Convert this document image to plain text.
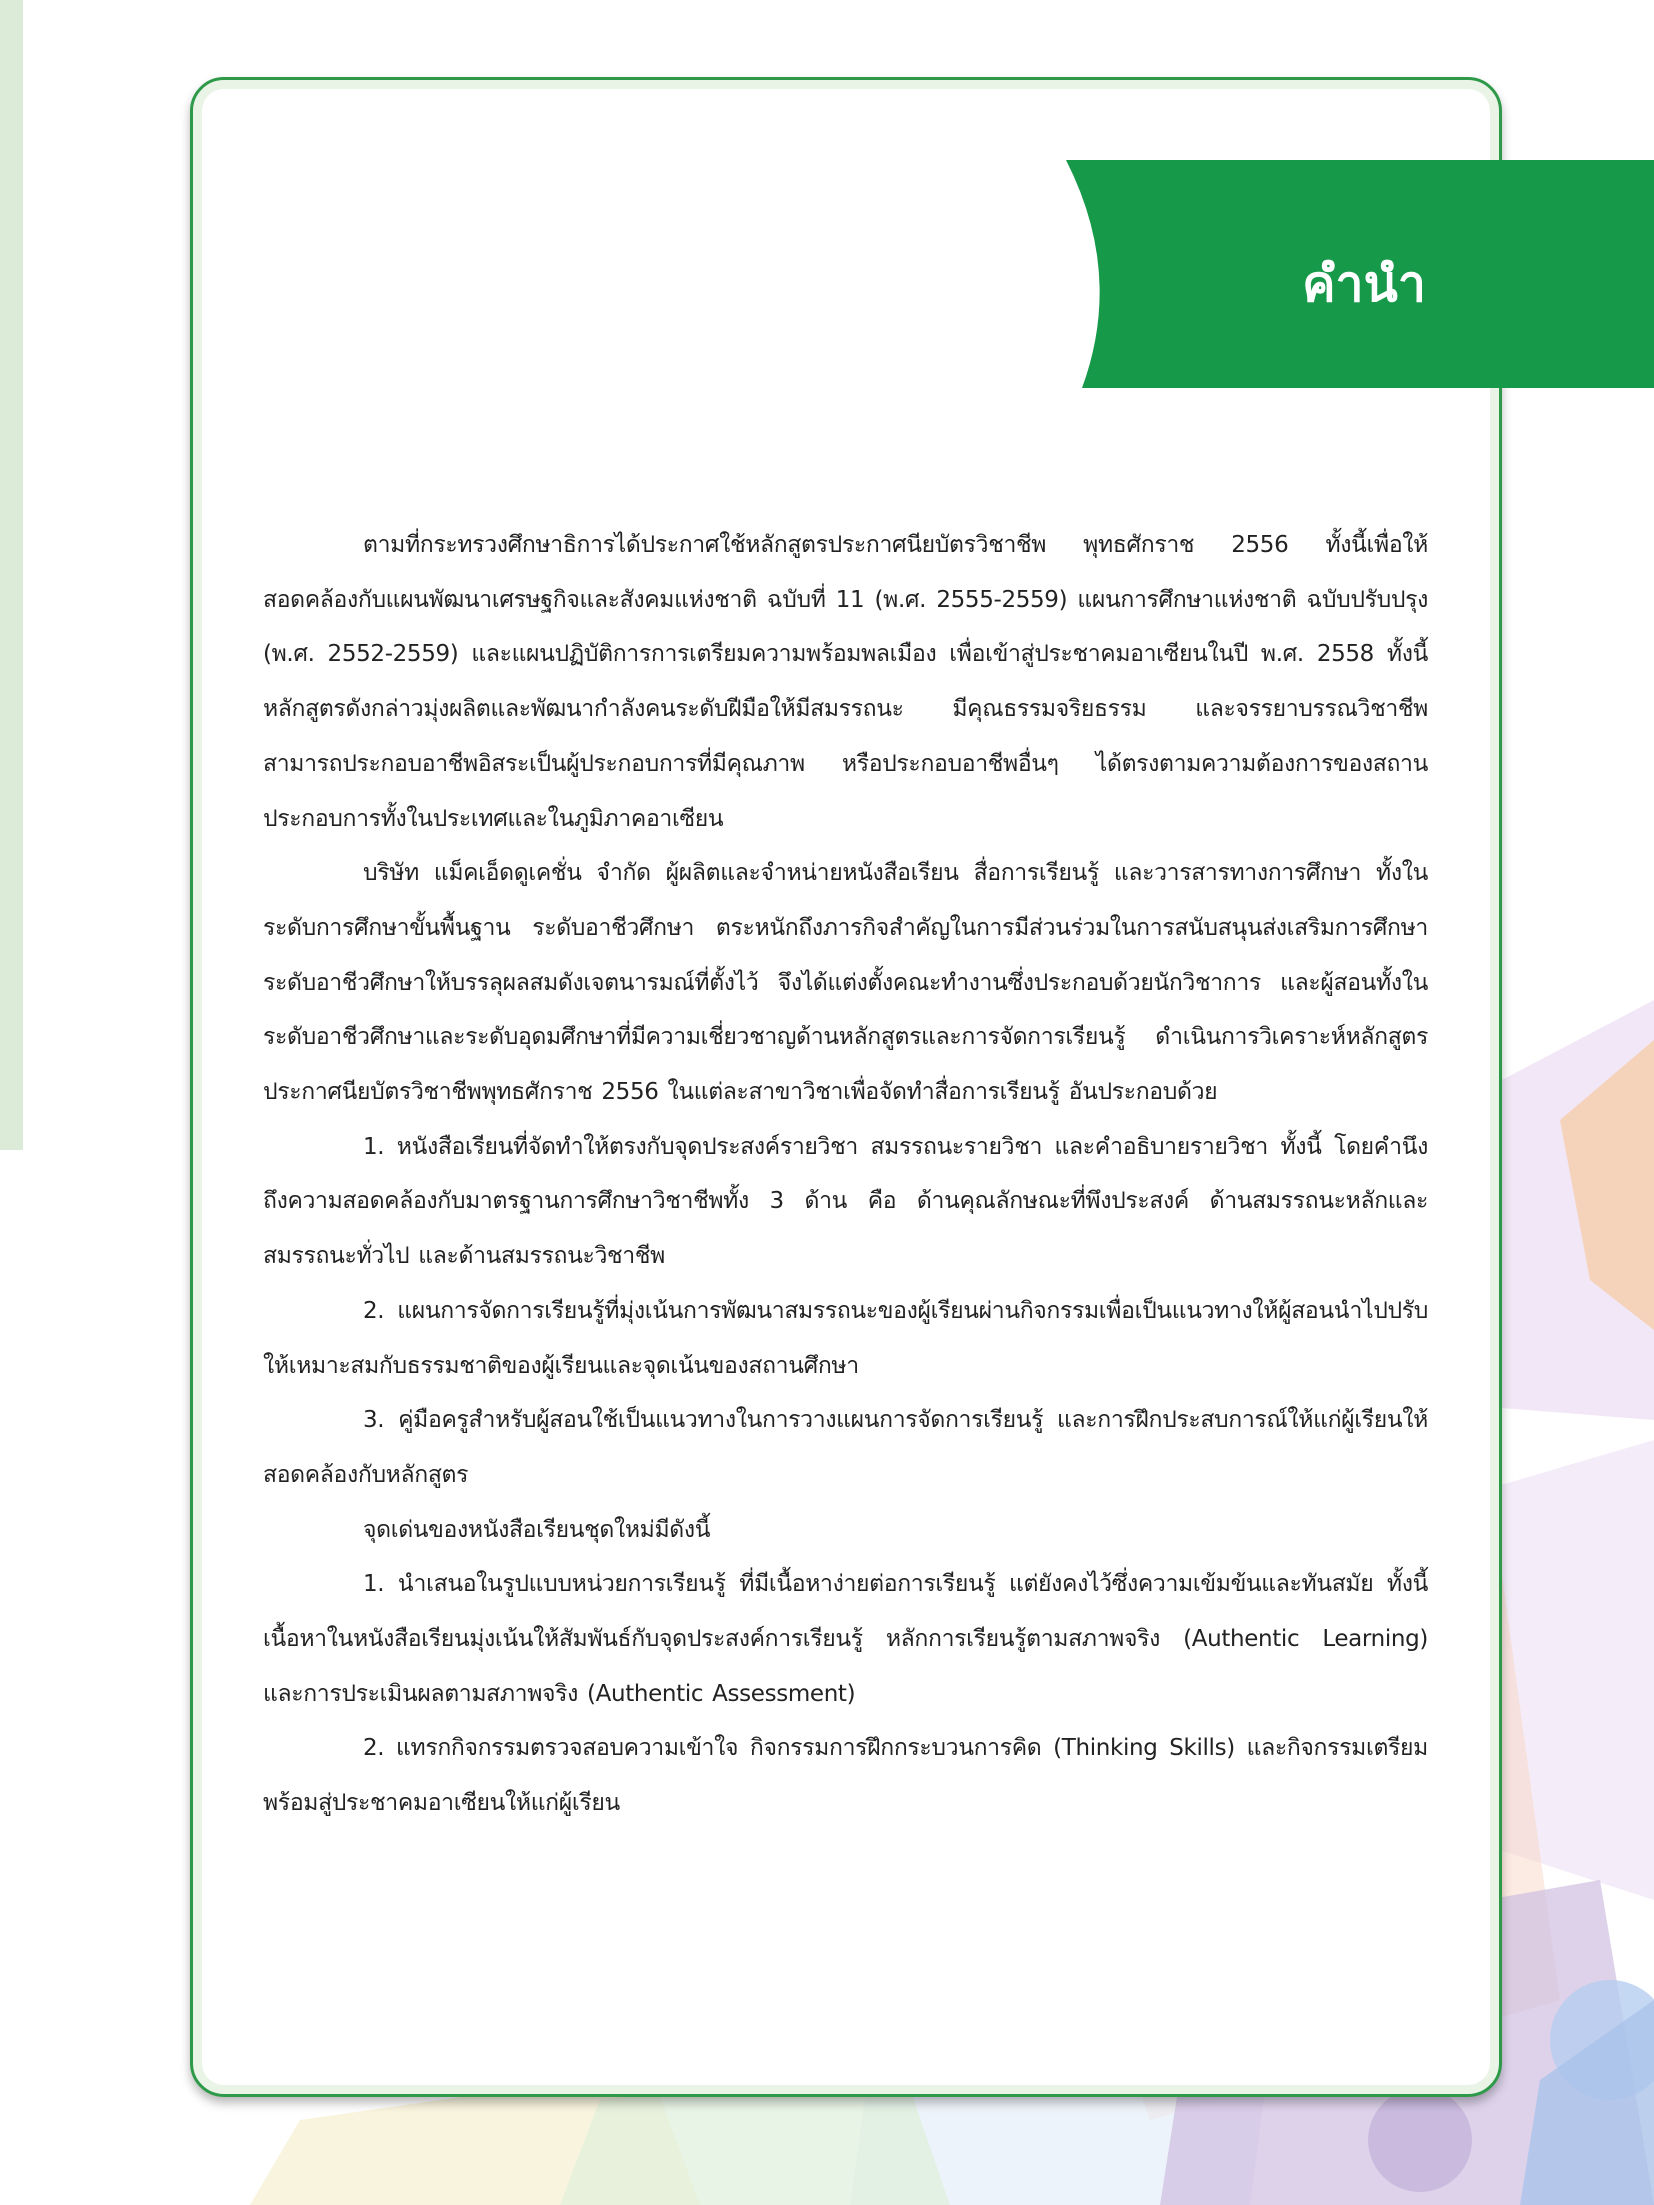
คำนำ

ตามที่กระทรวงศึกษาธิการได้ประกาศใช้หลักสูตรประกาศนียบัตรวิชาชีพ พุทธศักราช 2556 ทั้งนี้เพื่อให้สอดคล้องกับแผนพัฒนาเศรษฐกิจและสังคมแห่งชาติ ฉบับที่ 11 (พ.ศ. 2555-2559) แผนการศึกษาแห่งชาติ ฉบับปรับปรุง (พ.ศ. 2552-2559) และแผนปฏิบัติการการเตรียมความพร้อมพลเมือง เพื่อเข้าสู่ประชาคมอาเซียนในปี พ.ศ. 2558 ทั้งนี้หลักสูตรดังกล่าวมุ่งผลิตและพัฒนากำลังคนระดับฝีมือให้มีสมรรถนะ มีคุณธรรมจริยธรรม และจรรยาบรรณวิชาชีพ สามารถประกอบอาชีพอิสระเป็นผู้ประกอบการที่มีคุณภาพ หรือประกอบอาชีพอื่นๆ ได้ตรงตามความต้องการของสถานประกอบการทั้งในประเทศและในภูมิภาคอาเซียน

บริษัท แม็คเอ็ดดูเคชั่น จำกัด ผู้ผลิตและจำหน่ายหนังสือเรียน สื่อการเรียนรู้ และวารสารทางการศึกษา ทั้งในระดับการศึกษาขั้นพื้นฐาน ระดับอาชีวศึกษา ตระหนักถึงภารกิจสำคัญในการมีส่วนร่วมในการสนับสนุนส่งเสริมการศึกษาระดับอาชีวศึกษาให้บรรลุผลสมดังเจตนารมณ์ที่ตั้งไว้ จึงได้แต่งตั้งคณะทำงานซึ่งประกอบด้วยนักวิชาการ และผู้สอนทั้งในระดับอาชีวศึกษาและระดับอุดมศึกษาที่มีความเชี่ยวชาญด้านหลักสูตรและการจัดการเรียนรู้ ดำเนินการวิเคราะห์หลักสูตรประกาศนียบัตรวิชาชีพพุทธศักราช 2556 ในแต่ละสาขาวิชาเพื่อจัดทำสื่อการเรียนรู้ อันประกอบด้วย

1. หนังสือเรียนที่จัดทำให้ตรงกับจุดประสงค์รายวิชา สมรรถนะรายวิชา และคำอธิบายรายวิชา ทั้งนี้ โดยคำนึงถึงความสอดคล้องกับมาตรฐานการศึกษาวิชาชีพทั้ง 3 ด้าน คือ ด้านคุณลักษณะที่พึงประสงค์ ด้านสมรรถนะหลักและสมรรถนะทั่วไป และด้านสมรรถนะวิชาชีพ

2. แผนการจัดการเรียนรู้ที่มุ่งเน้นการพัฒนาสมรรถนะของผู้เรียนผ่านกิจกรรมเพื่อเป็นแนวทางให้ผู้สอนนำไปปรับให้เหมาะสมกับธรรมชาติของผู้เรียนและจุดเน้นของสถานศึกษา

3. คู่มือครูสำหรับผู้สอนใช้เป็นแนวทางในการวางแผนการจัดการเรียนรู้ และการฝึกประสบการณ์ให้แก่ผู้เรียนให้สอดคล้องกับหลักสูตร

จุดเด่นของหนังสือเรียนชุดใหม่มีดังนี้

1. นำเสนอในรูปแบบหน่วยการเรียนรู้ ที่มีเนื้อหาง่ายต่อการเรียนรู้ แต่ยังคงไว้ซึ่งความเข้มข้นและทันสมัย ทั้งนี้เนื้อหาในหนังสือเรียนมุ่งเน้นให้สัมพันธ์กับจุดประสงค์การเรียนรู้ หลักการเรียนรู้ตามสภาพจริง (Authentic Learning) และการประเมินผลตามสภาพจริง (Authentic Assessment)

2. แทรกกิจกรรมตรวจสอบความเข้าใจ กิจกรรมการฝึกกระบวนการคิด (Thinking Skills) และกิจกรรมเตรียมพร้อมสู่ประชาคมอาเซียนให้แก่ผู้เรียน
